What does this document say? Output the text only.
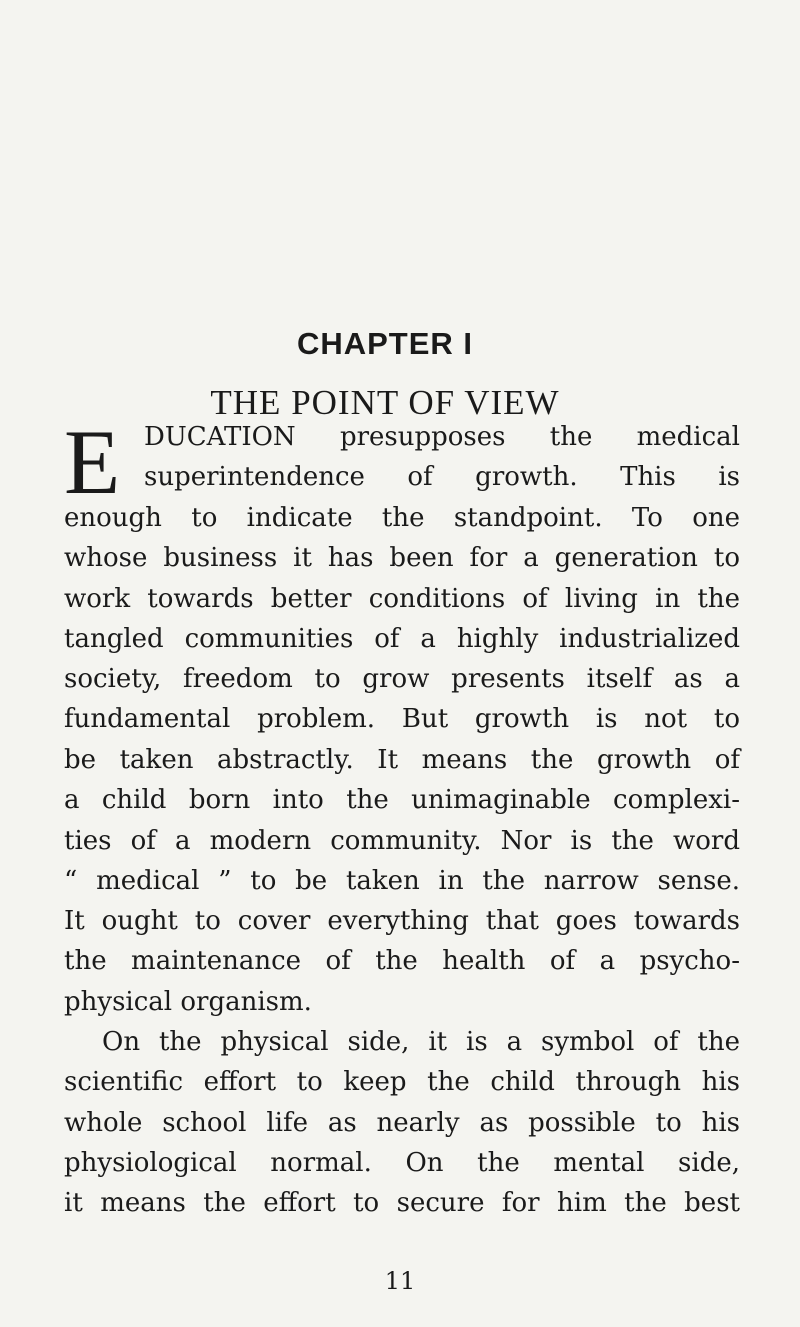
CHAPTER I
THE POINT OF VIEW
E DUCATION presupposes the medical
superintendence of growth. This is
enough to indicate the standpoint. To one
whose business it has been for a generation to
work towards better conditions of living in the
tangled communities of a highly industrialized
society, freedom to grow presents itself as a
fundamental problem. But growth is not to
be taken abstractly. It means the growth of
a child born into the unimaginable complexi-
ties of a modern community. Nor is the word
“ medical ” to be taken in the narrow sense.
It ought to cover everything that goes towards
the maintenance of the health of a psycho-
physical organism.
On the physical side, it is a symbol of the
scientific effort to keep the child through his
whole school life as nearly as possible to his
physiological normal. On the mental side,
it means the effort to secure for him the best
11
